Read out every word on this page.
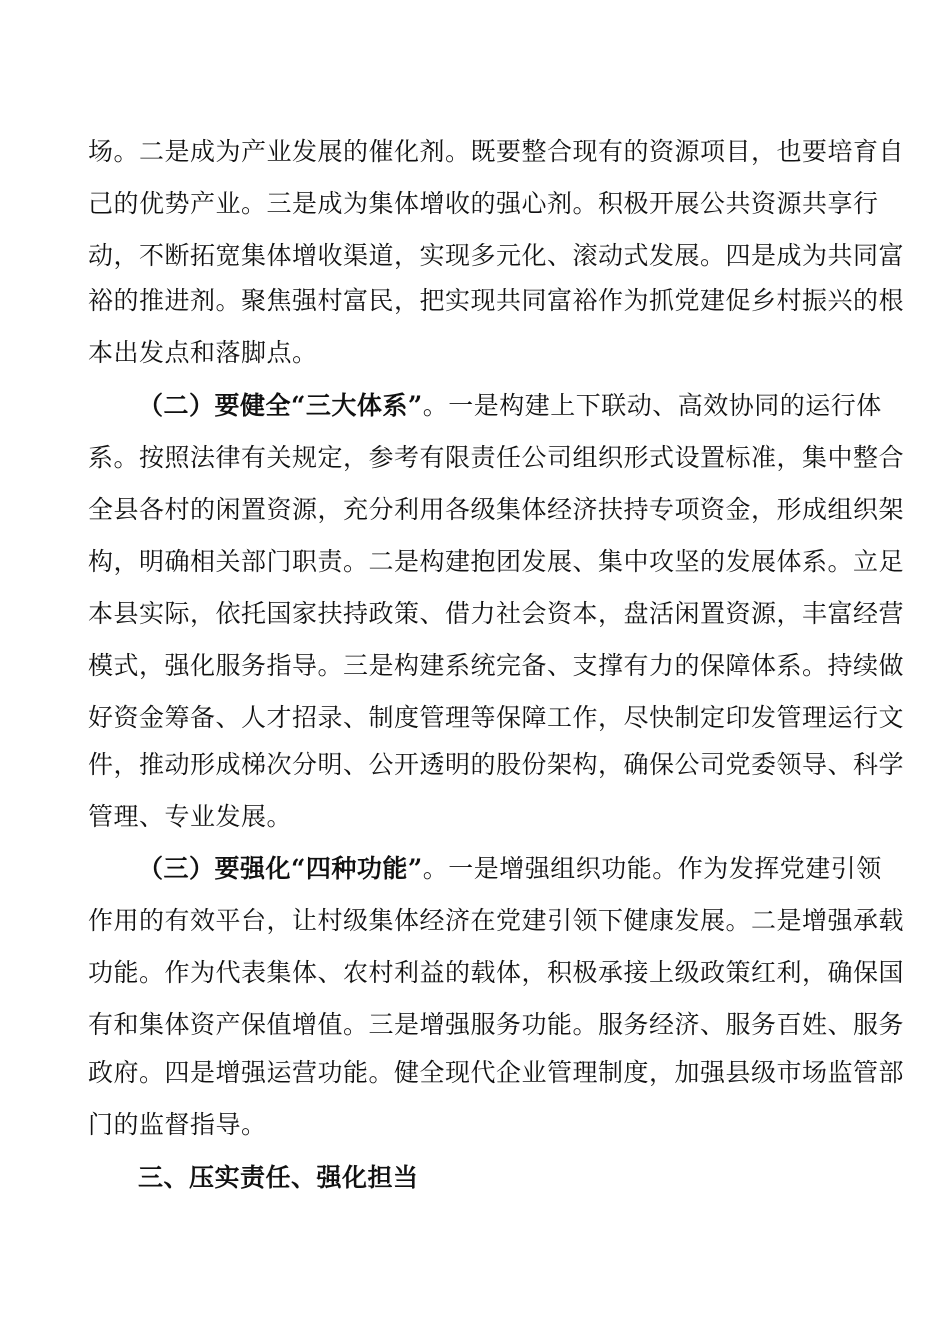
场。二是成为产业发展的催化剂。既要整合现有的资源项目，也要培育自
己的优势产业。三是成为集体增收的强心剂。积极开展公共资源共享行
动，不断拓宽集体增收渠道，实现多元化、滚动式发展。四是成为共同富
裕的推进剂。聚焦强村富民，把实现共同富裕作为抓党建促乡村振兴的根
本出发点和落脚点。
（二）要健全“三大体系”。一是构建上下联动、高效协同的运行体
系。按照法律有关规定，参考有限责任公司组织形式设置标准，集中整合
全县各村的闲置资源，充分利用各级集体经济扶持专项资金，形成组织架
构，明确相关部门职责。二是构建抱团发展、集中攻坚的发展体系。立足
本县实际，依托国家扶持政策、借力社会资本，盘活闲置资源，丰富经营
模式，强化服务指导。三是构建系统完备、支撑有力的保障体系。持续做
好资金筹备、人才招录、制度管理等保障工作，尽快制定印发管理运行文
件，推动形成梯次分明、公开透明的股份架构，确保公司党委领导、科学
管理、专业发展。
（三）要强化“四种功能”。一是增强组织功能。作为发挥党建引领
作用的有效平台，让村级集体经济在党建引领下健康发展。二是增强承载
功能。作为代表集体、农村利益的载体，积极承接上级政策红利，确保国
有和集体资产保值增值。三是增强服务功能。服务经济、服务百姓、服务
政府。四是增强运营功能。健全现代企业管理制度，加强县级市场监管部
门的监督指导。
三、压实责任、强化担当
